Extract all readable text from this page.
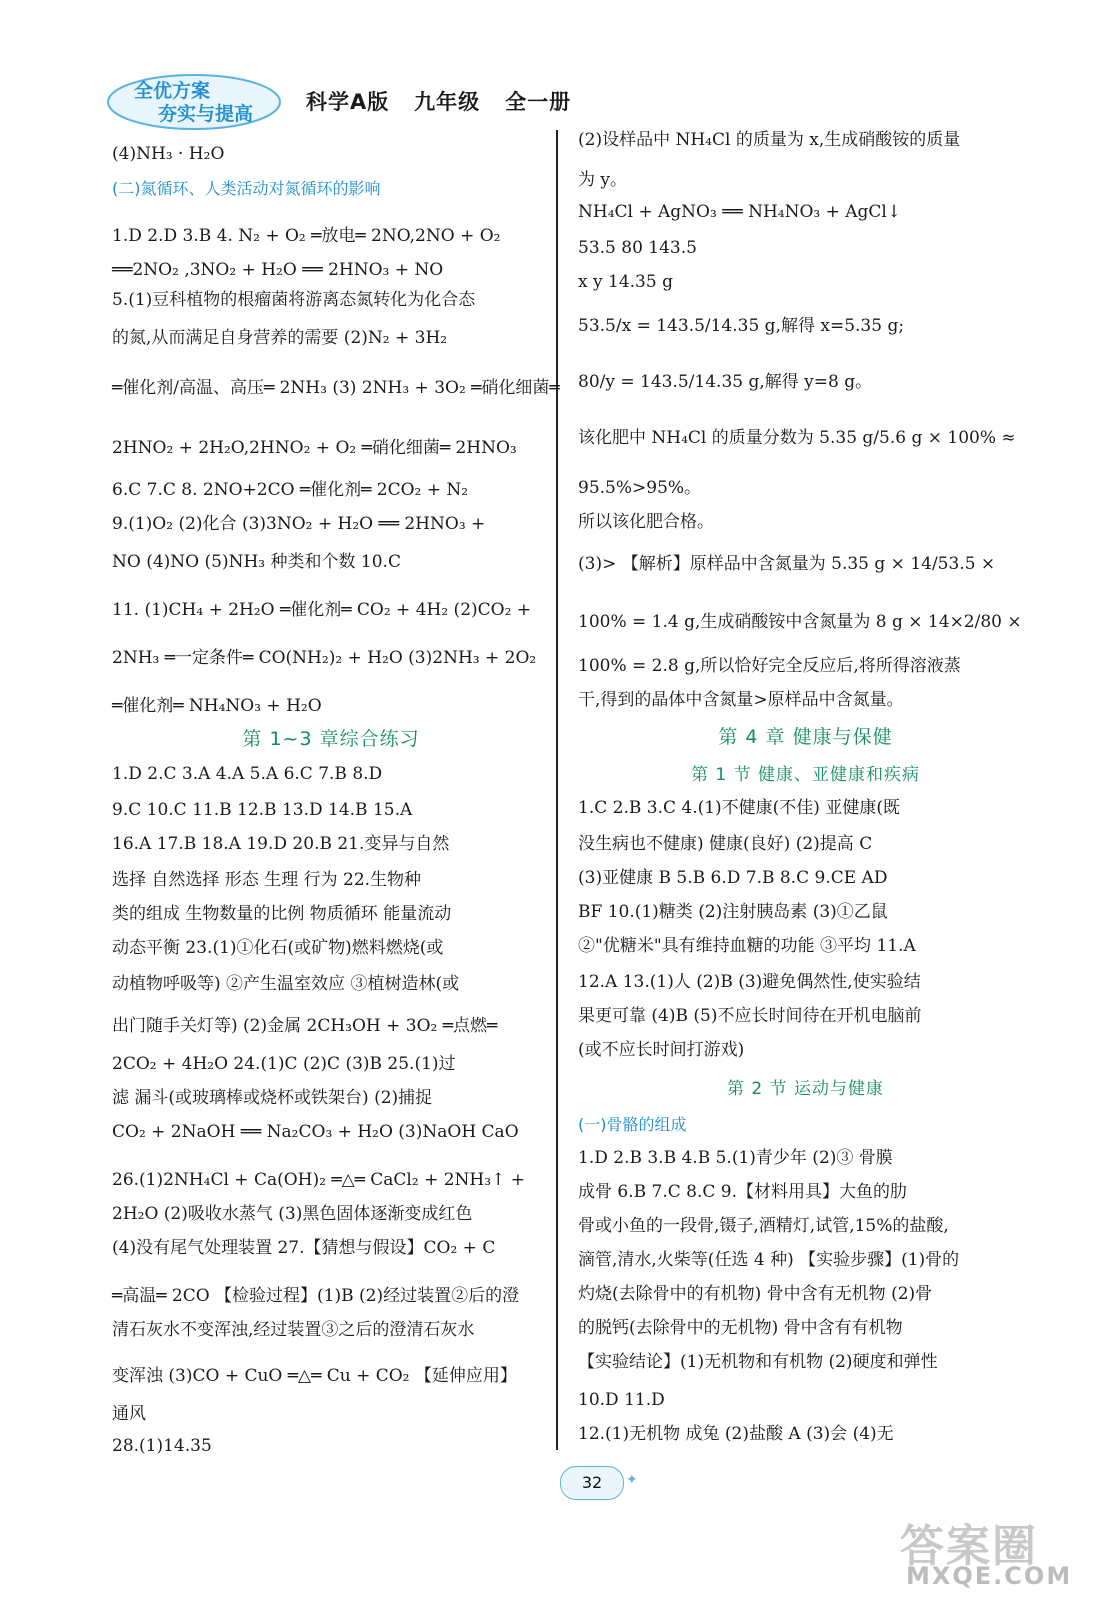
全优方案
夯实与提高	科学A版   九年级   全一册
(4)NH₃ · H₂O
(二)氮循环、人类活动对氮循环的影响
1.D 2.D 3.B 4. N₂ + O₂ ═放电═ 2NO,2NO + O₂
══2NO₂ ,3NO₂ + H₂O ══ 2HNO₃ + NO
5.(1)豆科植物的根瘤菌将游离态氮转化为化合态
的氮,从而满足自身营养的需要 (2)N₂ + 3H₂
═催化剂/高温、高压═ 2NH₃ (3) 2NH₃ + 3O₂ ═硝化细菌═
2HNO₂ + 2H₂O,2HNO₂ + O₂ ═硝化细菌═ 2HNO₃
6.C 7.C 8. 2NO+2CO ═催化剂═ 2CO₂ + N₂
9.(1)O₂ (2)化合 (3)3NO₂ + H₂O ══ 2HNO₃ +
NO (4)NO (5)NH₃ 种类和个数 10.C
11. (1)CH₄ + 2H₂O ═催化剂═ CO₂ + 4H₂ (2)CO₂ +
2NH₃ ═一定条件═ CO(NH₂)₂ + H₂O (3)2NH₃ + 2O₂
═催化剂═ NH₄NO₃ + H₂O
第 1~3 章综合练习
1.D 2.C 3.A 4.A 5.A 6.C 7.B 8.D
9.C 10.C 11.B 12.B 13.D 14.B 15.A
16.A 17.B 18.A 19.D 20.B 21.变异与自然
选择 自然选择 形态 生理 行为 22.生物种
类的组成 生物数量的比例 物质循环 能量流动
动态平衡 23.(1)①化石(或矿物)燃料燃烧(或
动植物呼吸等) ②产生温室效应 ③植树造林(或
出门随手关灯等) (2)金属 2CH₃OH + 3O₂ ═点燃═
2CO₂ + 4H₂O 24.(1)C (2)C (3)B 25.(1)过
滤 漏斗(或玻璃棒或烧杯或铁架台) (2)捕捉
CO₂ + 2NaOH ══ Na₂CO₃ + H₂O (3)NaOH CaO
26.(1)2NH₄Cl + Ca(OH)₂ ═△═ CaCl₂ + 2NH₃↑ +
2H₂O (2)吸收水蒸气 (3)黑色固体逐渐变成红色
(4)没有尾气处理装置 27.【猜想与假设】CO₂ + C
═高温═ 2CO 【检验过程】(1)B (2)经过装置②后的澄
清石灰水不变浑浊,经过装置③之后的澄清石灰水
变浑浊 (3)CO + CuO ═△═ Cu + CO₂ 【延伸应用】
通风
28.(1)14.35
(2)设样品中 NH₄Cl 的质量为 x,生成硝酸铵的质量
为 y。
NH₄Cl + AgNO₃ ══ NH₄NO₃ + AgCl↓
53.5 80 143.5
x y 14.35 g
53.5/x = 143.5/14.35 g,解得 x=5.35 g;
80/y = 143.5/14.35 g,解得 y=8 g。
该化肥中 NH₄Cl 的质量分数为 5.35 g/5.6 g × 100% ≈
95.5%>95%。
所以该化肥合格。
(3)> 【解析】原样品中含氮量为 5.35 g × 14/53.5 ×
100% = 1.4 g,生成硝酸铵中含氮量为 8 g × 14×2/80 ×
100% = 2.8 g,所以恰好完全反应后,将所得溶液蒸
干,得到的晶体中含氮量>原样品中含氮量。
第 4 章 健康与保健
第 1 节 健康、亚健康和疾病
1.C 2.B 3.C 4.(1)不健康(不佳) 亚健康(既
没生病也不健康) 健康(良好) (2)提高 C
(3)亚健康 B 5.B 6.D 7.B 8.C 9.CE AD
BF 10.(1)糖类 (2)注射胰岛素 (3)①乙鼠
②"优糖米"具有维持血糖的功能 ③平均 11.A
12.A 13.(1)人 (2)B (3)避免偶然性,使实验结
果更可靠 (4)B (5)不应长时间待在开机电脑前
(或不应长时间打游戏)
第 2 节 运动与健康
(一)骨骼的组成
1.D 2.B 3.B 4.B 5.(1)青少年 (2)③ 骨膜
成骨 6.B 7.C 8.C 9.【材料用具】大鱼的肋
骨或小鱼的一段骨,镊子,酒精灯,试管,15%的盐酸,
滴管,清水,火柴等(任选 4 种) 【实验步骤】(1)骨的
灼烧(去除骨中的有机物) 骨中含有无机物 (2)骨
的脱钙(去除骨中的无机物) 骨中含有有机物
【实验结论】(1)无机物和有机物 (2)硬度和弹性
10.D 11.D
12.(1)无机物 成兔 (2)盐酸 A (3)会 (4)无
32	✦
答案圈
MXQE.COM
